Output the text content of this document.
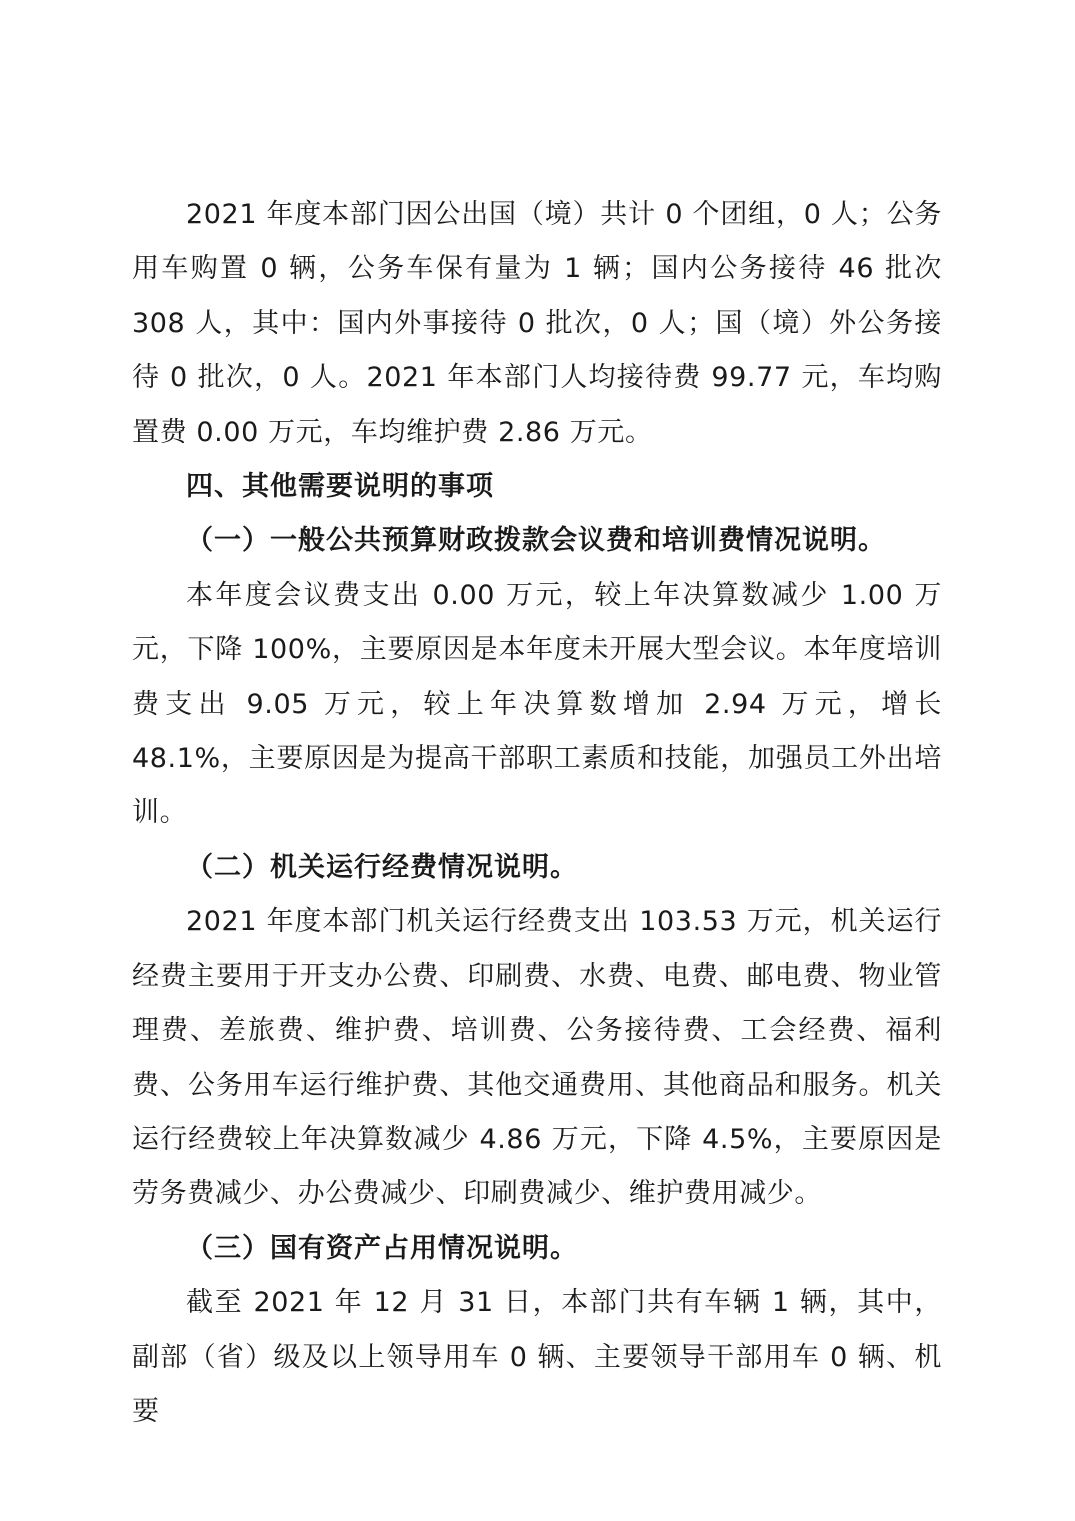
2021 年度本部门因公出国（境）共计 0 个团组，0 人；公务用车购置 0 辆，公务车保有量为 1 辆；国内公务接待 46 批次 308 人，其中：国内外事接待 0 批次，0 人；国（境）外公务接待 0 批次，0 人。2021 年本部门人均接待费 99.77 元，车均购置费 0.00 万元，车均维护费 2.86 万元。

四、其他需要说明的事项

（一）一般公共预算财政拨款会议费和培训费情况说明。

本年度会议费支出 0.00 万元，较上年决算数减少 1.00 万元，下降 100%，主要原因是本年度未开展大型会议。本年度培训费支出 9.05 万元，较上年决算数增加 2.94 万元，增长 48.1%，主要原因是为提高干部职工素质和技能，加强员工外出培训。

（二）机关运行经费情况说明。

2021 年度本部门机关运行经费支出 103.53 万元，机关运行经费主要用于开支办公费、印刷费、水费、电费、邮电费、物业管理费、差旅费、维护费、培训费、公务接待费、工会经费、福利费、公务用车运行维护费、其他交通费用、其他商品和服务。机关运行经费较上年决算数减少 4.86 万元，下降 4.5%，主要原因是劳务费减少、办公费减少、印刷费减少、维护费用减少。

（三）国有资产占用情况说明。

截至 2021 年 12 月 31 日，本部门共有车辆 1 辆，其中，副部（省）级及以上领导用车 0 辆、主要领导干部用车 0 辆、机要
